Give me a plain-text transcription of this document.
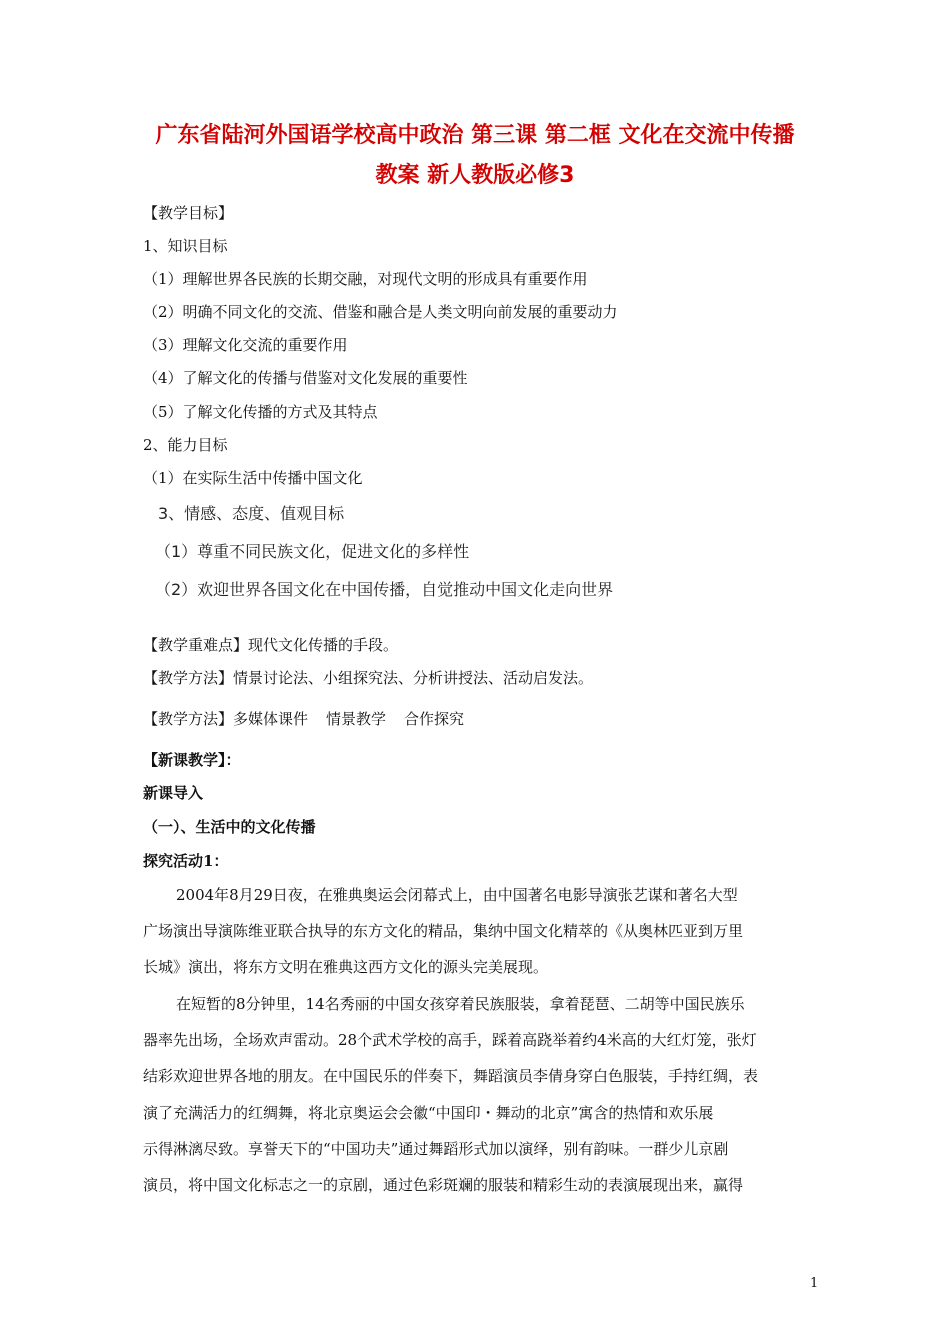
广东省陆河外国语学校高中政治 第三课 第二框 文化在交流中传播
教案 新人教版必修3
【教学目标】
1、知识目标
（1）理解世界各民族的长期交融，对现代文明的形成具有重要作用
（2）明确不同文化的交流、借鉴和融合是人类文明向前发展的重要动力
（3）理解文化交流的重要作用
（4）了解文化的传播与借鉴对文化发展的重要性
（5）了解文化传播的方式及其特点
2、能力目标
（1）在实际生活中传播中国文化
3、情感、态度、值观目标
（1）尊重不同民族文化，促进文化的多样性
（2）欢迎世界各国文化在中国传播，自觉推动中国文化走向世界
【教学重难点】现代文化传播的手段。
【教学方法】情景讨论法、小组探究法、分析讲授法、活动启发法。
【教学方法】多媒体课件 情景教学 合作探究
【新课教学】：
新课导入
（一）、生活中的文化传播
探究活动1：
2004年8月29日夜，在雅典奥运会闭幕式上，由中国著名电影导演张艺谋和著名大型
广场演出导演陈维亚联合执导的东方文化的精品，集纳中国文化精萃的《从奥林匹亚到万里
长城》演出，将东方文明在雅典这西方文化的源头完美展现。
在短暂的8分钟里，14名秀丽的中国女孩穿着民族服装，拿着琵琶、二胡等中国民族乐
器率先出场，全场欢声雷动。28个武术学校的高手，踩着高跷举着约4米高的大红灯笼，张灯
结彩欢迎世界各地的朋友。在中国民乐的伴奏下，舞蹈演员李倩身穿白色服装，手持红绸，表
演了充满活力的红绸舞，将北京奥运会会徽“中国印・舞动的北京”寓含的热情和欢乐展
示得淋漓尽致。享誉天下的“中国功夫”通过舞蹈形式加以演绎，别有韵味。一群少儿京剧
演员，将中国文化标志之一的京剧，通过色彩斑斓的服装和精彩生动的表演展现出来，赢得
1
